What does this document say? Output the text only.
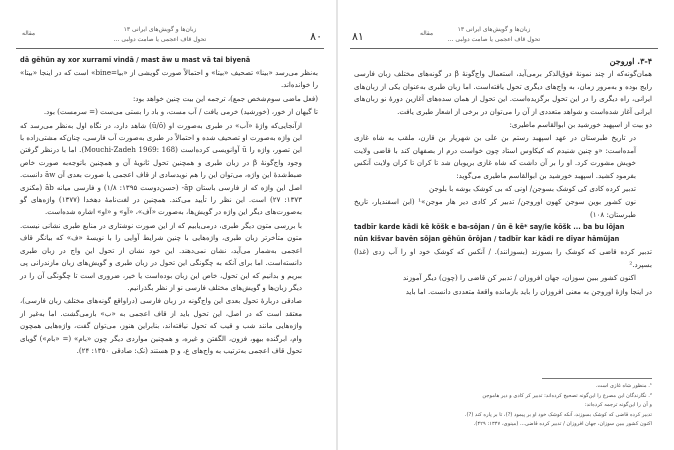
۸۰
زبان‌ها و گویش‌های ایرانی ۱۳
تحول قاف اعجمی یا صامت دولبی ...
مقاله

dā gēhūn ay xor xurramī vindā / mast āw u mast vā tai biyenā

به‌نظر می‌رسد «بینا» تصحیف «بیتا» و احتمالاً صورت گویشی از «بیا=bine» است که در اینجا «بیتا» را خوانده‌اند.

(فعل ماضی سوم‌شخص جمع)، ترجمه این بیت چنین خواهد بود:

تا گیهان از خور، (خورشید) خرمی یافت / آب مست، و باد را بستی می‌ست (= سرمست) بود.

ازآنجایی‌که واژۀ «آب» در طبری به‌صورت او (ū/ō) شاهد دارد، در نگاه اول به‌نظر می‌رسد که این واژه به‌صورت او تصحیف شده و احتمالاً در طبری به‌صورت آب فارسی، چنان‌که مشتی‌زاده با این تصور، واژه را ū آوانویسی کرده‌است (Mouchi-Zadeh 1969: 168). اما با درنظر گرفتن وجود واج‌گونۀ β در زبان طبری و همچنین تحول ثانویۀ آن و همچنین باتوجه‌به صورت خاص ضبط‌شدۀ این واژه، می‌توان این را هم نوید‌سادی از قاف اعجمی یا صورت بعدی آن āw دانست. اصل این واژه که از فارسی باستان āp- (حسن‌دوست ۱۳۹۵: ۱/۸) و فارسی میانه āb (مکنزی ۱۳۷۳: ۲۷) است. این نظر را تأیید می‌کند. همچنین در لغت‌نامۀ دهخدا (۱۳۷۷) واژه‌های گو به‌صورت‌های دیگر این واژه در گویش‌ها، به‌صورت «آف»، «آو» و «او» اشاره شده‌است.

با بررسی متون دیگر طبری، درمی‌یابیم که از این صورت نوشتاری در منابع طبری نشانی نیست. متون متأخرتر زبان طبری، واژه‌هایی با چنین شرایط آوایی را با نویسهٔ «ف» که بیانگر قاف اعجمی به‌شمار می‌آید، نشان نمی‌دهند. این خود نشان از تحول این واج در زبان طبری دانسته‌است. اما برای آنکه به چگونگی این تحول در زبان طبری و گویش‌های زبان مازندرانی پی ببریم و بدانیم که این تحول، خاص این زبان بوده‌است یا خیر، ضروری است تا چگونگی آن را در دیگر زبان‌ها و گویش‌های مختلف فارسی نو از نظر بگذرانیم.

صادقی دربارۀ تحول بعدی این واج‌گونه در زبان فارسی (دراواقع گونه‌های مختلف زبان فارسی)، معتقد است که در اصل، این تحول باید از قاف اعجمی به «ب» بازمی‌گشت. اما به‌غیر از واژه‌هایی مانند شب و قیب که تحول نیافته‌اند، بنابراین هنوز، می‌توان گفت، واژه‌هایی همچون وام، ابرگنده بیهو، فزون، الگفتن و غیره، و همچنین مواردی دیگر چون «بام» (= «بام») گویای تحول قاف اعجمی به‌ترتیب به واج‌های ع، و p هستند (نک: صادقی ۱۳۵۰: ۲۴).

۸۱
زبان‌ها و گویش‌های ایرانی ۱۳
تحول قاف اعجمی یا صامت دولبی ...
مقاله

۳-۴. اوروجن

همان‌گونه‌که از چند نمونۀ فوق‌الذکر برمی‌آید، استعمال واج‌گونۀ β در گونه‌های مختلف زبان فارسی رایج بوده و به‌مرور زمان، به واج‌های دیگری تحول یافته‌است. اما زبان طبری به‌عنوان یکی از زبان‌های ایرانی، راه دیگری را در این تحول برگزیده‌است. این تحول از همان سده‌های آغازین دورۀ نو زبان‌های ایرانی آغاز شده‌است و شواهد متعددی از آن را می‌توان در برخی از اشعار طبری یافت.

دو بیت از اسپهبد خورشید بن ابوالقاسم ماطیری:

در تاریخ طبرستان در عهد اسپهبد رستم بن علی بن شهریار بن قارن، ملقب به شاه غازی آمده‌است: «و چنین شنیدم که کیکاوس استاد چون خواست درم از بصفهان کند با قاضی ولایت خویش مشورت کرد. او را بر آن داشت که شاه غازی بریوبان شد تا کران تا کران ولایت آنکس بفرمود کشید. اسپهبد خورشید بن ابوالقاسم ماطیری می‌گوید:

تدبیر کرده کادی کی کوشک بسوجن/ اونی که بی کوشک بوشه با بلوجن

نون کشور بوین سوجن کهون اوروجن/ تدبیر کر کادی دیر هار موجن»¹ (ابن اسفندیار، تاریخ طبرستان: ۱۰۸)

tadbīr karde kādi kē kōšk e ba-sōjan / ūn ē kē* say/ie kōšk ... ba bu lōjan

nūn kišvar bavēn sōjan gēhūn ōrōjan / tadbīr kar kādi re dīyar hāmūjan

تدبیر کرده قاضی که کوشک را بسوزند (بسوزانند). / آنکس که کوشک خود او را آب زدی (غذا)‌ بسپرد.²

اکنون کشور ببین سوزان، جهان افروزان / تدبیر کن قاضی را (چون) دیگر آموزند

در اینجا واژۀ اوروجن به معنی افروزان را باید بازمانده واقعۀ متعددی دانست. اما باید

¹. منظور شاه غازی است.

². نگارندگان این مصرع را این‌گونه تصحیح کرده‌اند: تدبیر کر کادی و دیر هاموجن

و آن را این‌گونه ترجمه کرده‌اند:

تدبیر کرده قاضی که کوشک بسوزند، آنکه کوشک خود او بر پیمود (?)، تا بر پاره کند (?).

اکنون کشور ببین سوزان، جهان افروزان / تدبیر کرده قاضی... (مینوی، ۱۳۴۷: ۴۲۹).
